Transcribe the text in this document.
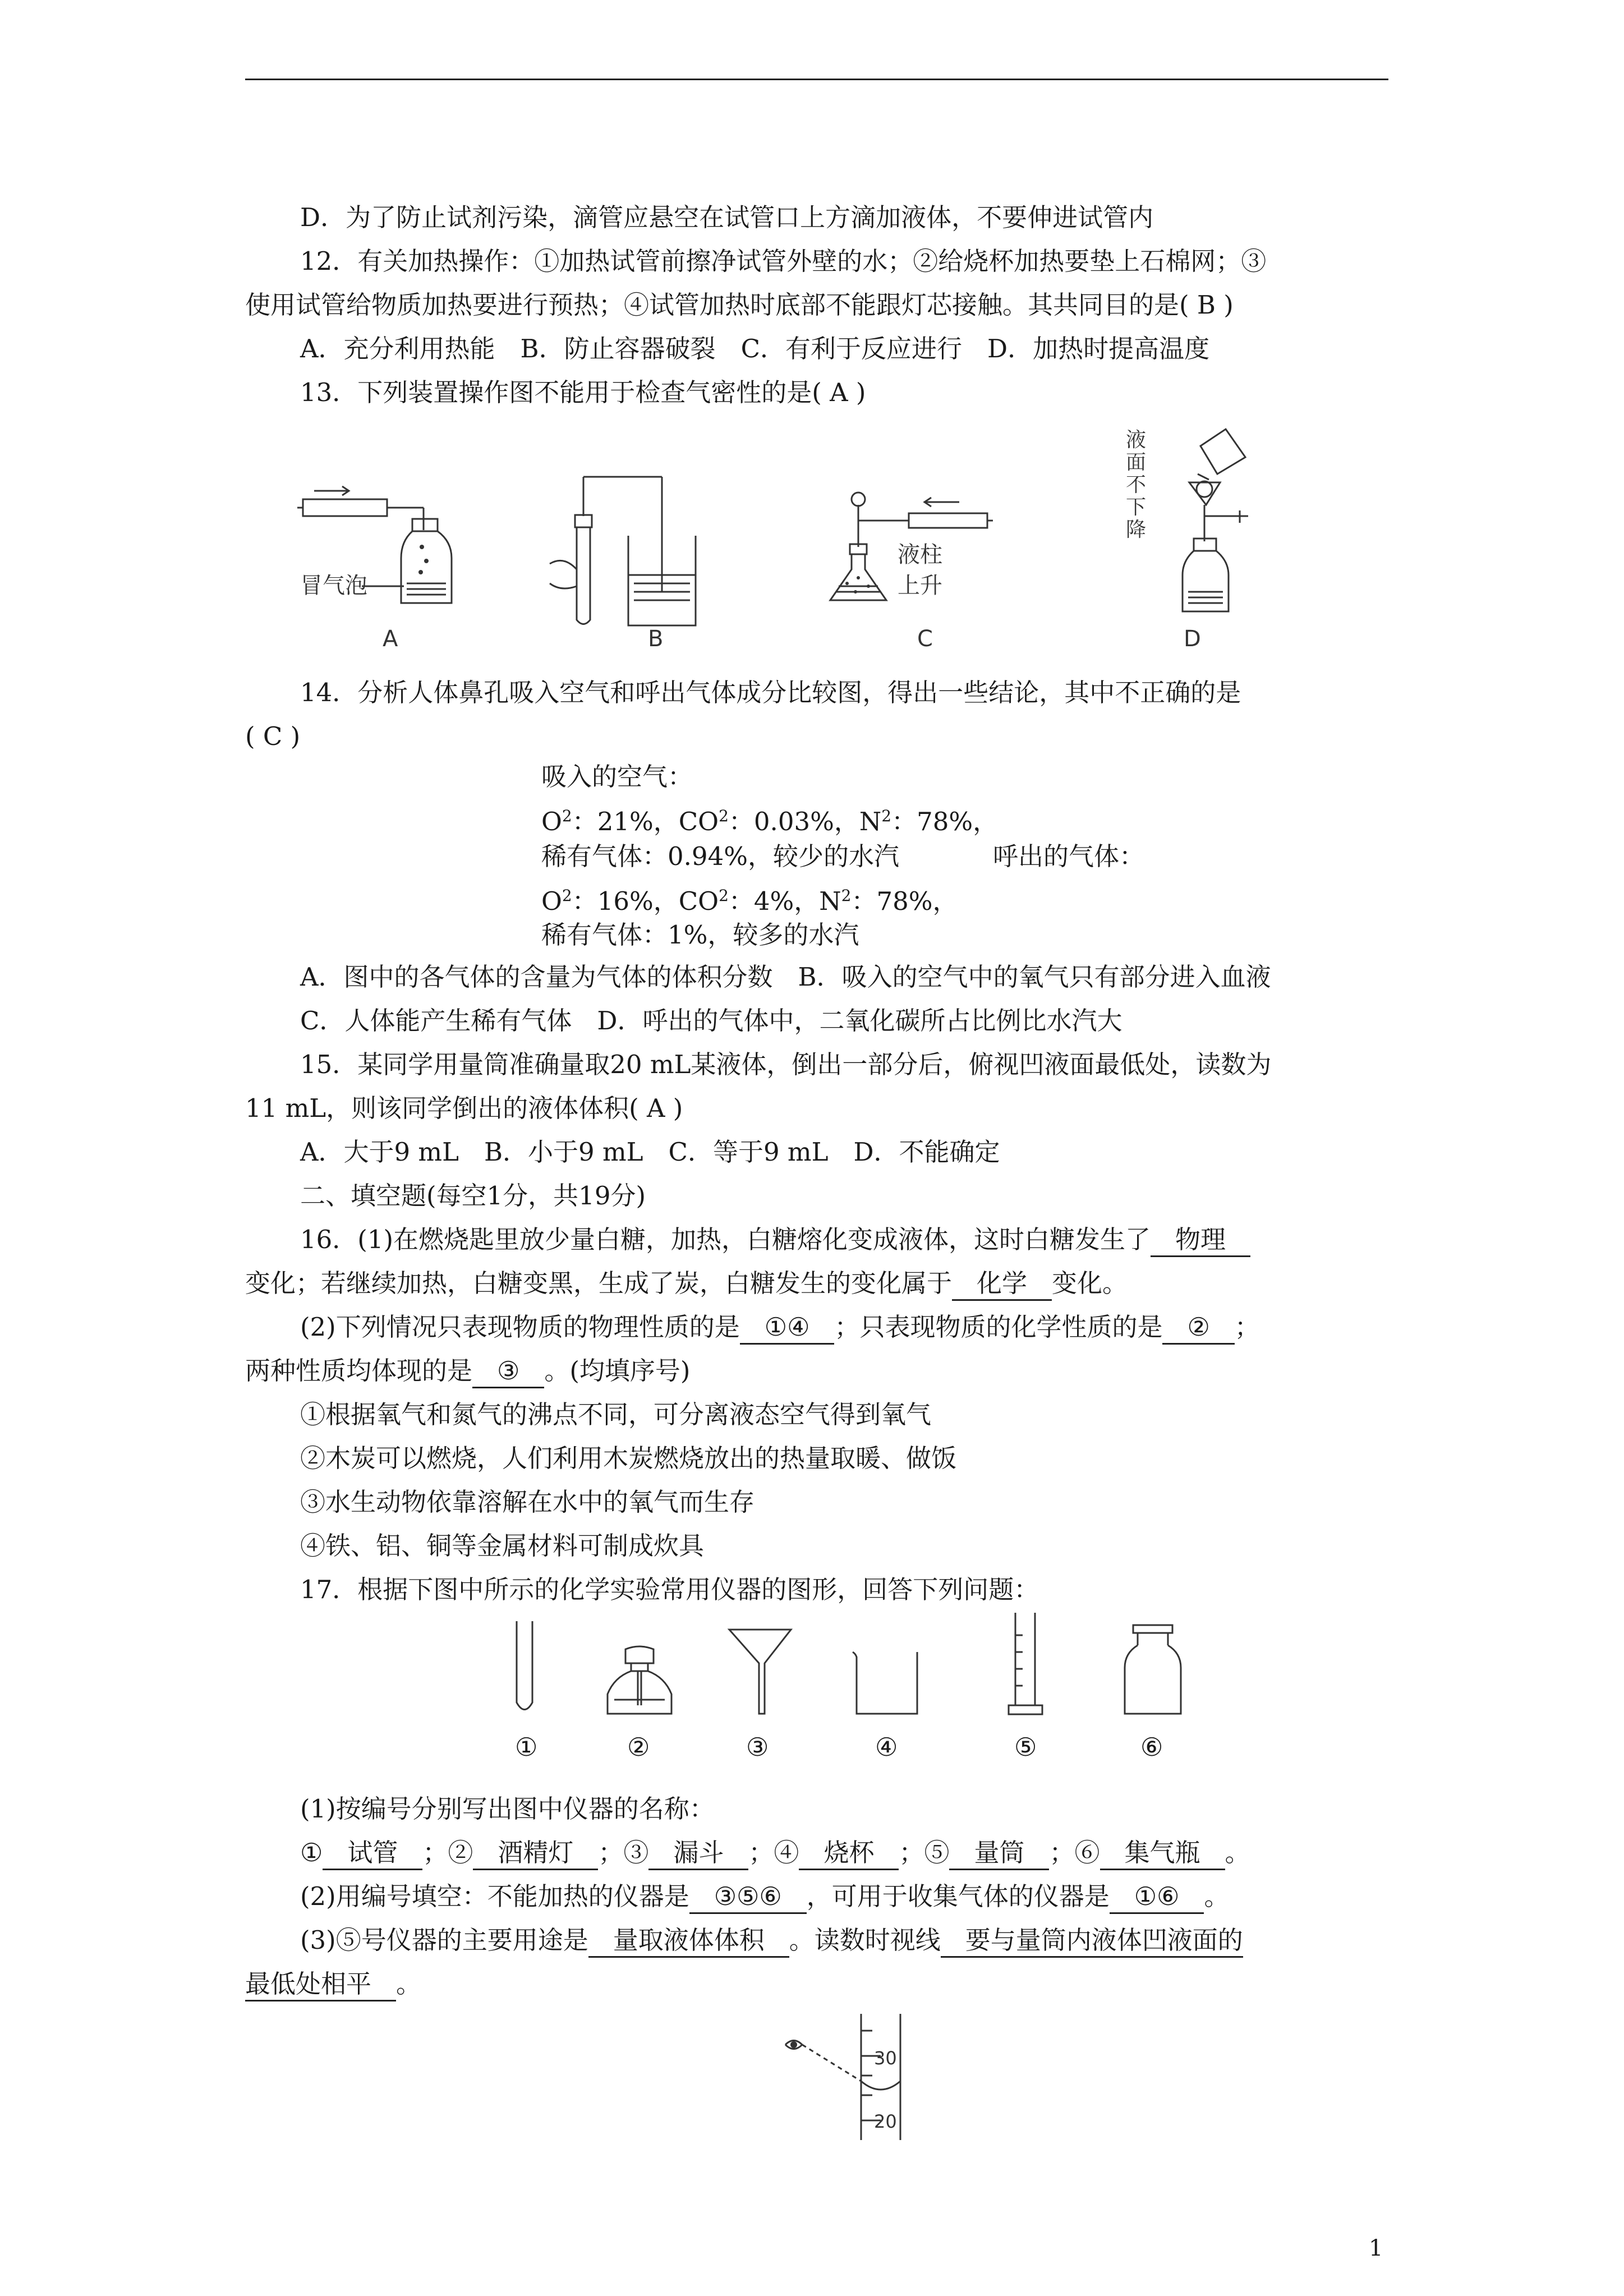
D．为了防止试剂污染，滴管应悬空在试管口上方滴加液体，不要伸进试管内
12．有关加热操作：①加热试管前擦净试管外壁的水；②给烧杯加热要垫上石棉网；③
使用试管给物质加热要进行预热；④试管加热时底部不能跟灯芯接触。其共同目的是( B )
A．充分利用热能　B．防止容器破裂　C．有利于反应进行　D．加热时提高温度
13．下列装置操作图不能用于检查气密性的是( A )
冒气泡
A	B
液柱
上升
C
液
面
不
下
降
D
14．分析人体鼻孔吸入空气和呼出气体成分比较图，得出一些结论，其中不正确的是
( C )
吸入的空气：
$O^2$：21%，$CO^2$：0.03%，$N^2$：78%，
稀有气体：0.94%，较少的水汽	呼出的气体：
$O^2$：16%，$CO^2$：4%，$N^2$：78%，
稀有气体：1%，较多的水汽
A．图中的各气体的含量为气体的体积分数　B．吸入的空气中的氧气只有部分进入血液
C．人体能产生稀有气体　D．呼出的气体中，二氧化碳所占比例比水汽大
15．某同学用量筒准确量取20 mL某液体，倒出一部分后，俯视凹液面最低处，读数为
11 mL，则该同学倒出的液体体积( A )
A．大于9 mL　B．小于9 mL　C．等于9 mL　D．不能确定
二、填空题(每空1分，共19分)
16．(1)在燃烧匙里放少量白糖，加热，白糖熔化变成液体，这时白糖发生了 物理
变化；若继续加热，白糖变黑，生成了炭，白糖发生的变化属于 化学 变化。
(2)下列情况只表现物质的物理性质的是 ①④ ；只表现物质的化学性质的是 ② ；
两种性质均体现的是 ③ 。(均填序号)
①根据氧气和氮气的沸点不同，可分离液态空气得到氧气
②木炭可以燃烧，人们利用木炭燃烧放出的热量取暖、做饭
③水生动物依靠溶解在水中的氧气而生存
④铁、铝、铜等金属材料可制成炊具
17．根据下图中所示的化学实验常用仪器的图形，回答下列问题：
①	②	③	④	⑤	⑥
(1)按编号分别写出图中仪器的名称：
① 试管 ；② 酒精灯 ；③ 漏斗 ；④ 烧杯 ；⑤ 量筒 ；⑥ 集气瓶 。
(2)用编号填空：不能加热的仪器是 ③⑤⑥ ，可用于收集气体的仪器是 ①⑥ 。
(3)⑤号仪器的主要用途是 量取液体体积 。读数时视线 要与量筒内液体凹液面的
最低处相平 。
30
20
1
